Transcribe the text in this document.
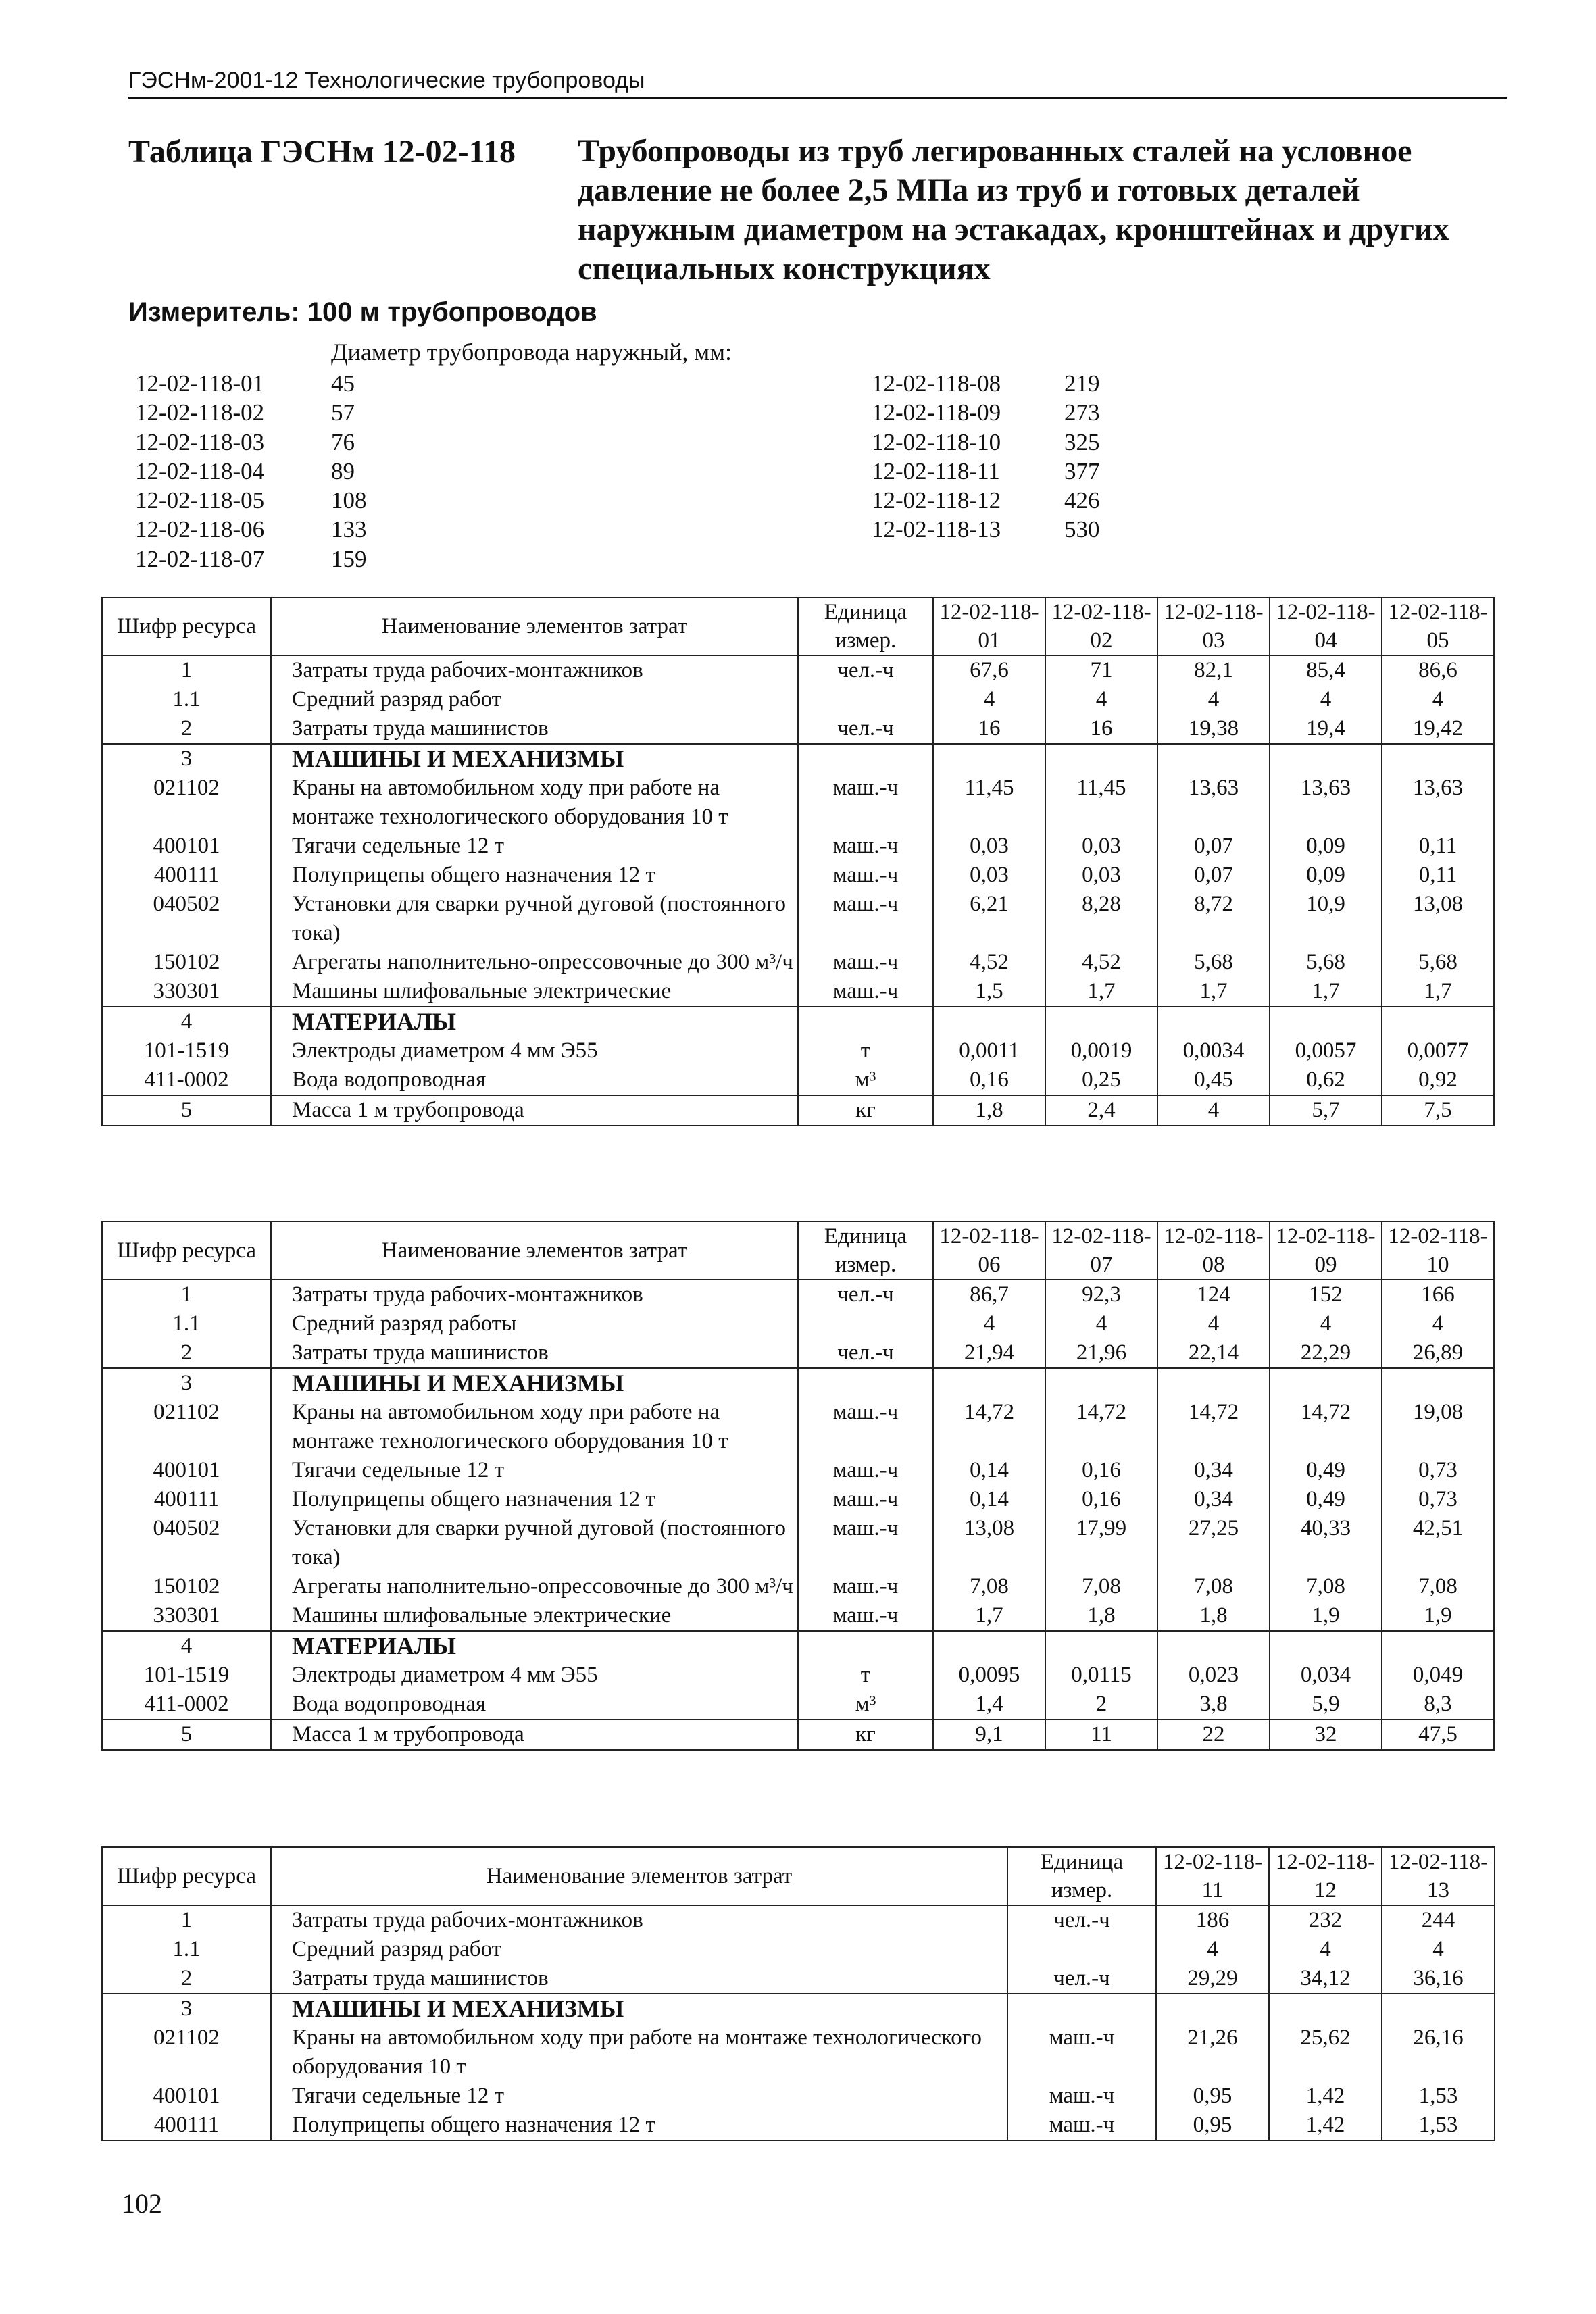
ГЭСНм-2001-12 Технологические трубопроводы
Таблица ГЭСНм 12-02-118	Трубопроводы из труб легированных сталей на условное давление не более 2,5 МПа из труб и готовых деталей наружным диаметром на эстакадах, кронштейнах и других специальных конструкциях
Измеритель: 100 м трубопроводов
Диаметр трубопровода наружный, мм:
12-02-118-01	45
12-02-118-02	57
12-02-118-03	76
12-02-118-04	89
12-02-118-05	108
12-02-118-06	133
12-02-118-07	159
12-02-118-08	219
12-02-118-09	273
12-02-118-10	325
12-02-118-11	377
12-02-118-12	426
12-02-118-13	530
Шифр ресурса	Наименование элементов затрат	Единица измер.	12-02-118-01	12-02-118-02	12-02-118-03	12-02-118-04	12-02-118-05
1	Затраты труда рабочих-монтажников	чел.-ч	67,6	71	82,1	85,4	86,6
1.1	Средний разряд работ		4	4	4	4	4
2	Затраты труда машинистов	чел.-ч	16	16	19,38	19,4	19,42
3	МАШИНЫ И МЕХАНИЗМЫ						
021102	Краны на автомобильном ходу при работе на монтаже технологического оборудования 10 т	маш.-ч	11,45	11,45	13,63	13,63	13,63
400101	Тягачи седельные 12 т	маш.-ч	0,03	0,03	0,07	0,09	0,11
400111	Полуприцепы общего назначения 12 т	маш.-ч	0,03	0,03	0,07	0,09	0,11
040502	Установки для сварки ручной дуговой (постоянного тока)	маш.-ч	6,21	8,28	8,72	10,9	13,08
150102	Агрегаты наполнительно-опрессовочные до 300 м³/ч	маш.-ч	4,52	4,52	5,68	5,68	5,68
330301	Машины шлифовальные электрические	маш.-ч	1,5	1,7	1,7	1,7	1,7
4	МАТЕРИАЛЫ						
101-1519	Электроды диаметром 4 мм Э55	т	0,0011	0,0019	0,0034	0,0057	0,0077
411-0002	Вода водопроводная	м³	0,16	0,25	0,45	0,62	0,92
5	Масса 1 м трубопровода	кг	1,8	2,4	4	5,7	7,5
Шифр ресурса	Наименование элементов затрат	Единица измер.	12-02-118-06	12-02-118-07	12-02-118-08	12-02-118-09	12-02-118-10
1	Затраты труда рабочих-монтажников	чел.-ч	86,7	92,3	124	152	166
1.1	Средний разряд работы		4	4	4	4	4
2	Затраты труда машинистов	чел.-ч	21,94	21,96	22,14	22,29	26,89
3	МАШИНЫ И МЕХАНИЗМЫ						
021102	Краны на автомобильном ходу при работе на монтаже технологического оборудования 10 т	маш.-ч	14,72	14,72	14,72	14,72	19,08
400101	Тягачи седельные 12 т	маш.-ч	0,14	0,16	0,34	0,49	0,73
400111	Полуприцепы общего назначения 12 т	маш.-ч	0,14	0,16	0,34	0,49	0,73
040502	Установки для сварки ручной дуговой (постоянного тока)	маш.-ч	13,08	17,99	27,25	40,33	42,51
150102	Агрегаты наполнительно-опрессовочные до 300 м³/ч	маш.-ч	7,08	7,08	7,08	7,08	7,08
330301	Машины шлифовальные электрические	маш.-ч	1,7	1,8	1,8	1,9	1,9
4	МАТЕРИАЛЫ						
101-1519	Электроды диаметром 4 мм Э55	т	0,0095	0,0115	0,023	0,034	0,049
411-0002	Вода водопроводная	м³	1,4	2	3,8	5,9	8,3
5	Масса 1 м трубопровода	кг	9,1	11	22	32	47,5
Шифр ресурса	Наименование элементов затрат	Единица измер.	12-02-118-11	12-02-118-12	12-02-118-13
1	Затраты труда рабочих-монтажников	чел.-ч	186	232	244
1.1	Средний разряд работ		4	4	4
2	Затраты труда машинистов	чел.-ч	29,29	34,12	36,16
3	МАШИНЫ И МЕХАНИЗМЫ				
021102	Краны на автомобильном ходу при работе на монтаже технологического оборудования 10 т	маш.-ч	21,26	25,62	26,16
400101	Тягачи седельные 12 т	маш.-ч	0,95	1,42	1,53
400111	Полуприцепы общего назначения 12 т	маш.-ч	0,95	1,42	1,53
102
